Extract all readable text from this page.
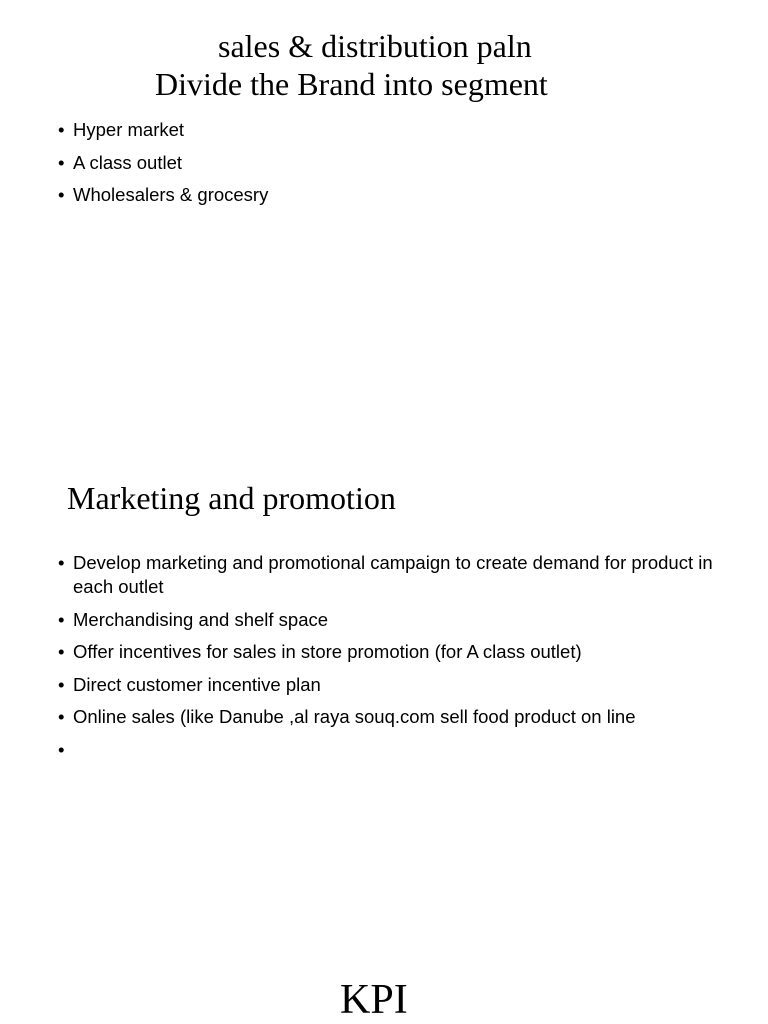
sales & distribution paln
Divide the Brand into segment
• Hyper market
• A class outlet
• Wholesalers & grocesry
Marketing and promotion
• Develop marketing and promotional campaign to create demand for product in each outlet
• Merchandising and shelf space
• Offer incentives for sales in store promotion (for A class outlet)
• Direct customer incentive plan
• Online sales (like Danube ,al raya souq.com sell food product on line
KPI
